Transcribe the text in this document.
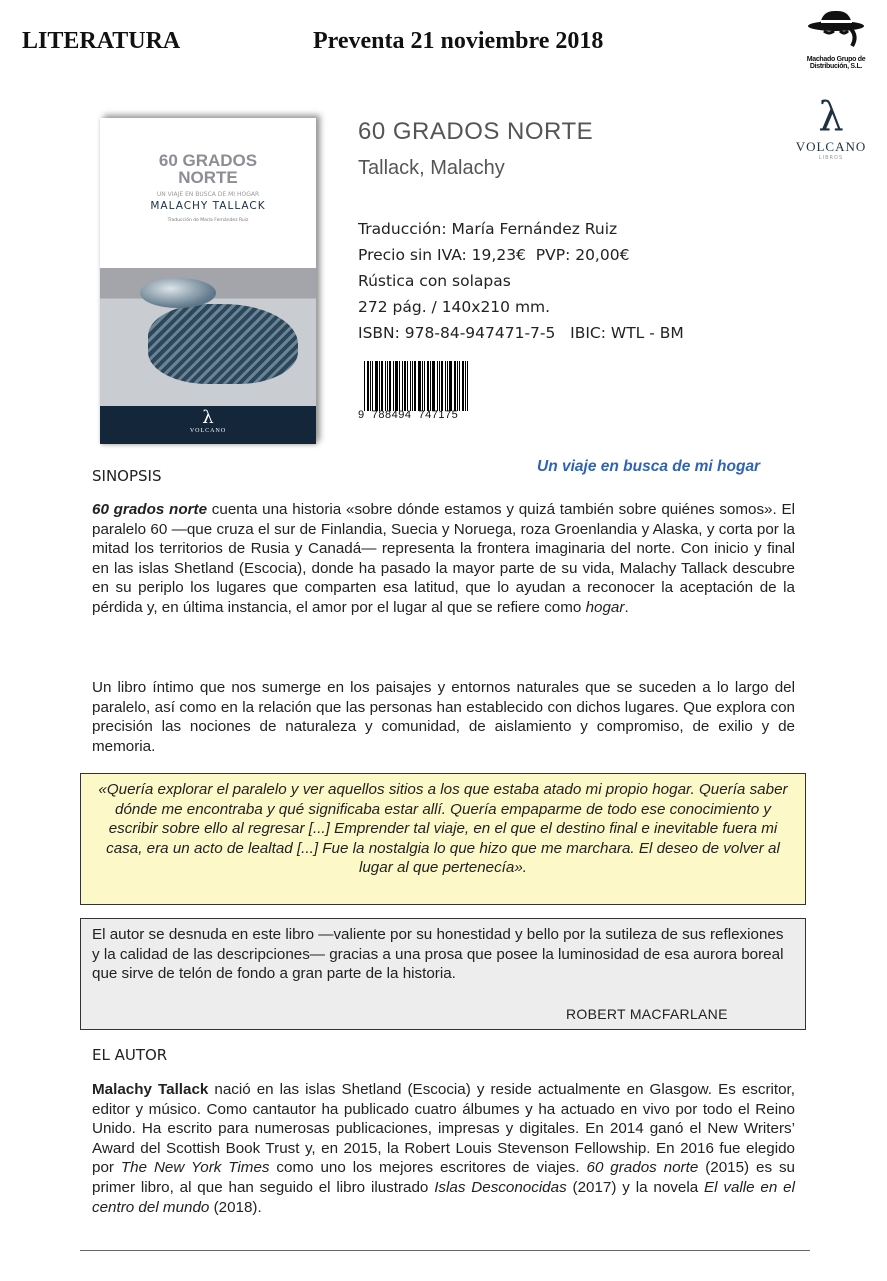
LITERATURA	Preventa 21 noviembre 2018
Machado Grupo de Distribución, S.L.
λ
VOLCANO
LIBROS
60 GRADOS NORTE
UN VIAJE EN BUSCA DE MI HOGAR
MALACHY TALLACK
Traducción de María Fernández Ruiz
λ
VOLCANO
60 GRADOS NORTE
Tallack, Malachy
Traducción: María Fernández Ruiz
Precio sin IVA: 19,23€  PVP: 20,00€
Rústica con solapas
272 pág. / 140x210 mm.
ISBN: 978-84-947471-7-5   IBIC: WTL - BM
9  788494  747175
SINOPSIS
Un viaje en busca de mi hogar
60 grados norte cuenta una historia «sobre dónde estamos y quizá también sobre quiénes somos». El paralelo 60 —que cruza el sur de Finlandia, Suecia y Noruega, roza Groenlandia y Alaska, y corta por la mitad los territorios de Rusia y Canadá— representa la frontera imaginaria del norte. Con inicio y final en las islas Shetland (Escocia), donde ha pasado la mayor parte de su vida, Malachy Tallack descubre en su periplo los lugares que comparten esa latitud, que lo ayudan a reconocer la aceptación de la pérdida y, en última instancia, el amor por el lugar al que se refiere como hogar.
Un libro íntimo que nos sumerge en los paisajes y entornos naturales que se suceden a lo largo del paralelo, así como en la relación que las personas han establecido con dichos lugares. Que explora con precisión las nociones de naturaleza y comunidad, de aislamiento y compromiso, de exilio y de memoria.
«Quería explorar el paralelo y ver aquellos sitios a los que estaba atado mi propio hogar. Quería saber dónde me encontraba y qué significaba estar allí. Quería empaparme de todo ese conocimiento y escribir sobre ello al regresar [...] Emprender tal viaje, en el que el destino final e inevitable fuera mi casa, era un acto de lealtad [...] Fue la nostalgia lo que hizo que me marchara. El deseo de volver al lugar al que pertenecía».
El autor se desnuda en este libro —valiente por su honestidad y bello por la sutileza de sus reflexiones y la calidad de las descripciones— gracias a una prosa que posee la luminosidad de esa aurora boreal que sirve de telón de fondo a gran parte de la historia.
ROBERT MACFARLANE
EL AUTOR
Malachy Tallack nació en las islas Shetland (Escocia) y reside actualmente en Glasgow. Es escritor, editor y músico. Como cantautor ha publicado cuatro álbumes y ha actuado en vivo por todo el Reino Unido. Ha escrito para numerosas publicaciones, impresas y digitales. En 2014 ganó el New Writers’ Award del Scottish Book Trust y, en 2015, la Robert Louis Stevenson Fellowship. En 2016 fue elegido por The New York Times como uno los mejores escritores de viajes. 60 grados norte (2015) es su primer libro, al que han seguido el libro ilustrado Islas Desconocidas (2017) y la novela El valle en el centro del mundo (2018).
